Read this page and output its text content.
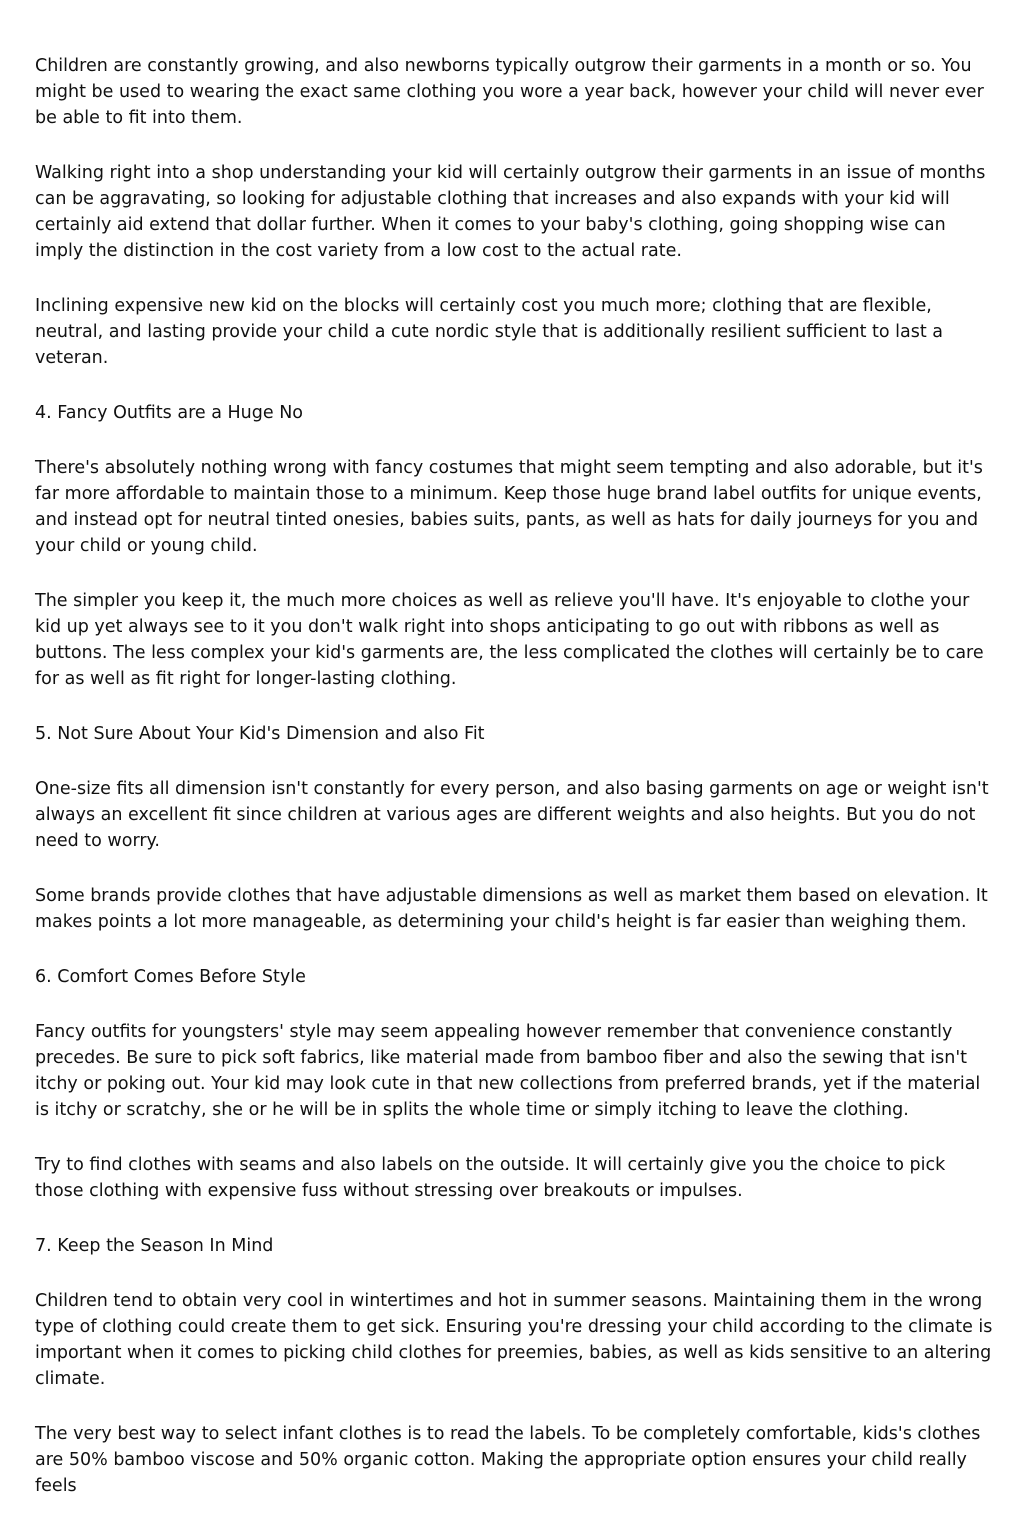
Children are constantly growing, and also newborns typically outgrow their garments in a month or so. You might be used to wearing the exact same clothing you wore a year back, however your child will never ever be able to fit into them.

Walking right into a shop understanding your kid will certainly outgrow their garments in an issue of months can be aggravating, so looking for adjustable clothing that increases and also expands with your kid will certainly aid extend that dollar further. When it comes to your baby's clothing, going shopping wise can imply the distinction in the cost variety from a low cost to the actual rate.

Inclining expensive new kid on the blocks will certainly cost you much more; clothing that are flexible, neutral, and lasting provide your child a cute nordic style that is additionally resilient sufficient to last a veteran.

4. Fancy Outfits are a Huge No

There's absolutely nothing wrong with fancy costumes that might seem tempting and also adorable, but it's far more affordable to maintain those to a minimum. Keep those huge brand label outfits for unique events, and instead opt for neutral tinted onesies, babies suits, pants, as well as hats for daily journeys for you and your child or young child.

The simpler you keep it, the much more choices as well as relieve you'll have. It's enjoyable to clothe your kid up yet always see to it you don't walk right into shops anticipating to go out with ribbons as well as buttons. The less complex your kid's garments are, the less complicated the clothes will certainly be to care for as well as fit right for longer-lasting clothing.

5. Not Sure About Your Kid's Dimension and also Fit

One-size fits all dimension isn't constantly for every person, and also basing garments on age or weight isn't always an excellent fit since children at various ages are different weights and also heights. But you do not need to worry.

Some brands provide clothes that have adjustable dimensions as well as market them based on elevation. It makes points a lot more manageable, as determining your child's height is far easier than weighing them.

6. Comfort Comes Before Style

Fancy outfits for youngsters' style may seem appealing however remember that convenience constantly precedes. Be sure to pick soft fabrics, like material made from bamboo fiber and also the sewing that isn't itchy or poking out. Your kid may look cute in that new collections from preferred brands, yet if the material is itchy or scratchy, she or he will be in splits the whole time or simply itching to leave the clothing.

Try to find clothes with seams and also labels on the outside. It will certainly give you the choice to pick those clothing with expensive fuss without stressing over breakouts or impulses.

7. Keep the Season In Mind

Children tend to obtain very cool in wintertimes and hot in summer seasons. Maintaining them in the wrong type of clothing could create them to get sick. Ensuring you're dressing your child according to the climate is important when it comes to picking child clothes for preemies, babies, as well as kids sensitive to an altering climate.

The very best way to select infant clothes is to read the labels. To be completely comfortable, kids's clothes are 50% bamboo viscose and 50% organic cotton. Making the appropriate option ensures your child really feels
